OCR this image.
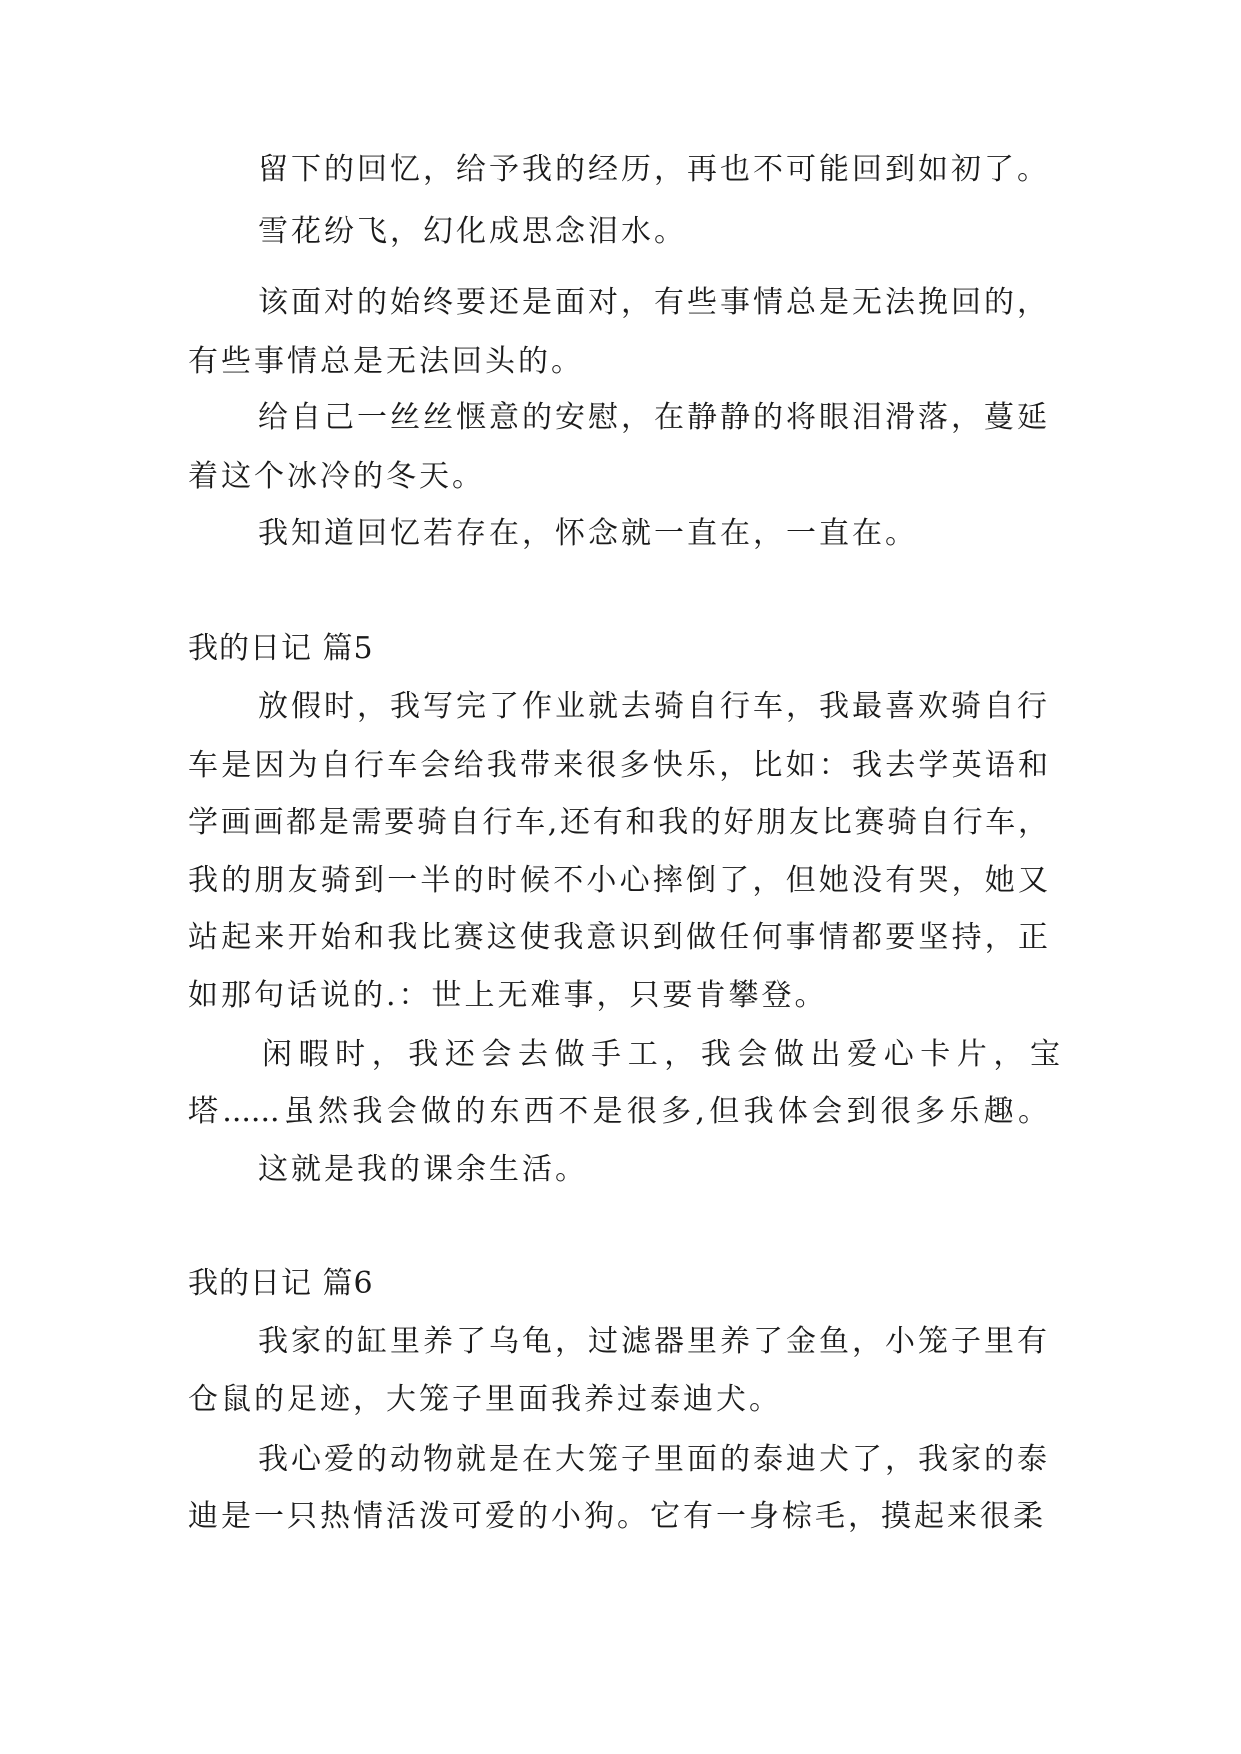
留下的回忆，给予我的经历，再也不可能回到如初了。
雪花纷飞，幻化成思念泪水。
该面对的始终要还是面对，有些事情总是无法挽回的，
有些事情总是无法回头的。
给自己一丝丝惬意的安慰，在静静的将眼泪滑落，蔓延
着这个冰冷的冬天。
我知道回忆若存在，怀念就一直在，一直在。
我的日记 篇5
放假时，我写完了作业就去骑自行车，我最喜欢骑自行
车是因为自行车会给我带来很多快乐，比如：我去学英语和
学画画都是需要骑自行车,还有和我的好朋友比赛骑自行车，
我的朋友骑到一半的时候不小心摔倒了，但她没有哭，她又
站起来开始和我比赛这使我意识到做任何事情都要坚持，正
如那句话说的.：世上无难事，只要肯攀登。
闲暇时，我还会去做手工，我会做出爱心卡片，宝
塔......虽然我会做的东西不是很多,但我体会到很多乐趣。
这就是我的课余生活。
我的日记 篇6
我家的缸里养了乌龟，过滤器里养了金鱼，小笼子里有
仓鼠的足迹，大笼子里面我养过泰迪犬。
我心爱的动物就是在大笼子里面的泰迪犬了，我家的泰
迪是一只热情活泼可爱的小狗。它有一身棕毛，摸起来很柔
